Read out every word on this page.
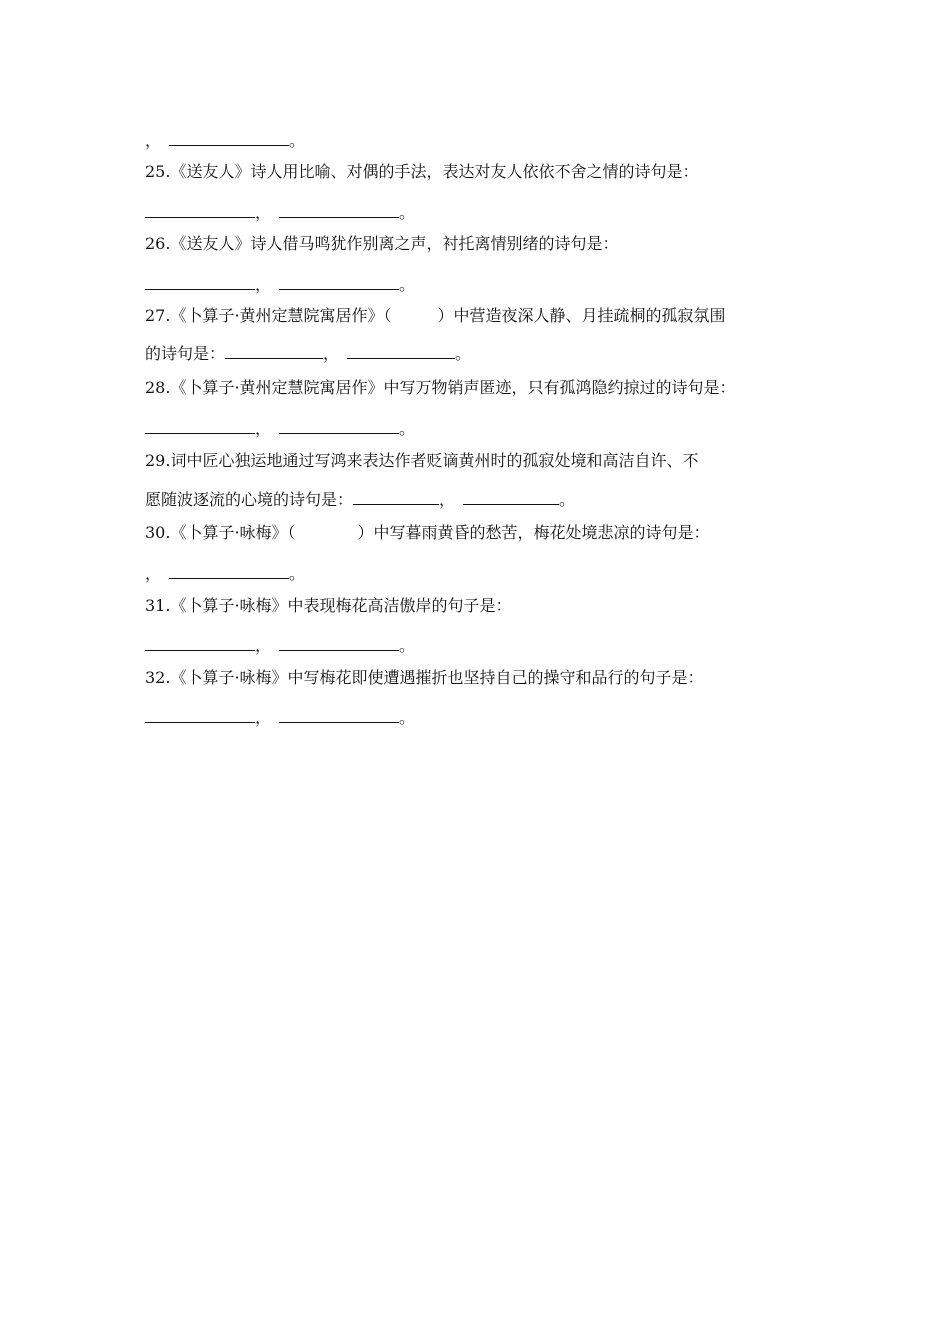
，	。
25.《送友人》诗人用比喻、对偶的手法，表达对友人依依不舍之情的诗句是：
，	。
26.《送友人》诗人借马鸣犹作别离之声，衬托离情别绪的诗句是：
，	。
27.《卜算子·黄州定慧院寓居作》（	）中营造夜深人静、月挂疏桐的孤寂氛围
的诗句是：	，	。
28.《卜算子·黄州定慧院寓居作》中写万物销声匿迹，只有孤鸿隐约掠过的诗句是：
，	。
29.词中匠心独运地通过写鸿来表达作者贬谪黄州时的孤寂处境和高洁自许、不
愿随波逐流的心境的诗句是：	，	。
30.《卜算子·咏梅》（	）中写暮雨黄昏的愁苦，梅花处境悲凉的诗句是：
，	。
31.《卜算子·咏梅》中表现梅花高洁傲岸的句子是：
，	。
32.《卜算子·咏梅》中写梅花即使遭遇摧折也坚持自己的操守和品行的句子是：
，	。
